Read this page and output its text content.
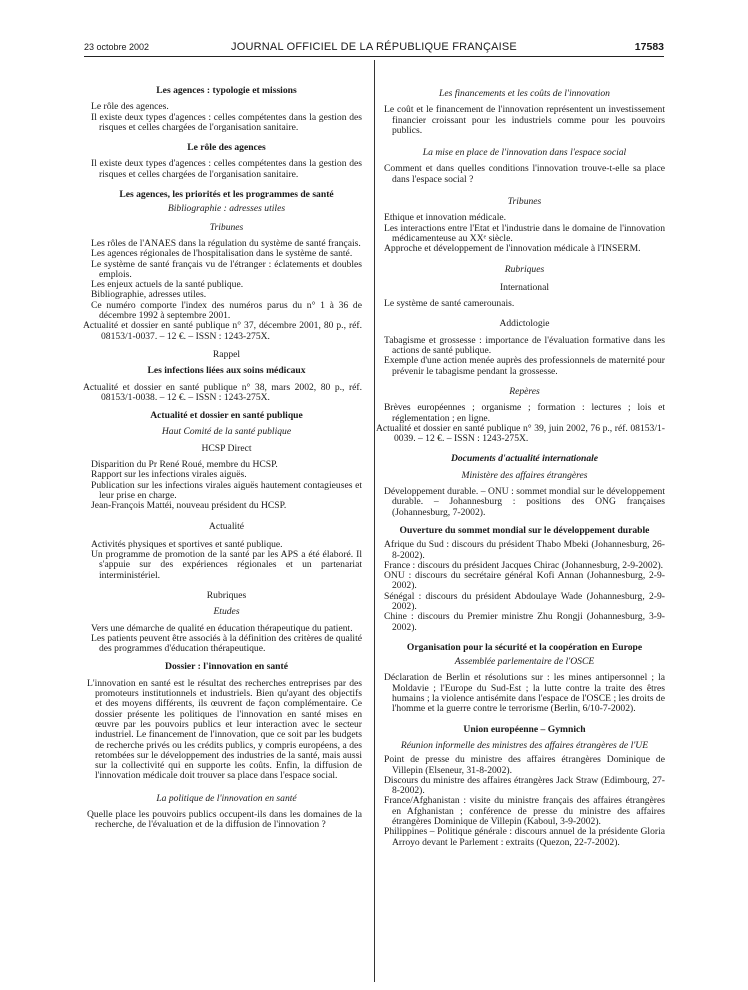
23 octobre 2002	JOURNAL OFFICIEL DE LA RÉPUBLIQUE FRANÇAISE	17583

Les agences : typologie et missions

Le rôle des agences.

Il existe deux types d'agences : celles compétentes dans la gestion des risques et celles chargées de l'organisation sanitaire.

Le rôle des agences

Il existe deux types d'agences : celles compétentes dans la gestion des risques et celles chargées de l'organisation sanitaire.

Les agences, les priorités et les programmes de santé

Bibliographie : adresses utiles

Tribunes

Les rôles de l'ANAES dans la régulation du système de santé français.

Les agences régionales de l'hospitalisation dans le système de santé.

Le système de santé français vu de l'étranger : éclatements et doubles emplois.

Les enjeux actuels de la santé publique.

Bibliographie, adresses utiles.

Ce numéro comporte l'index des numéros parus du n° 1 à 36 de décembre 1992 à septembre 2001.

Actualité et dossier en santé publique n° 37, décembre 2001, 80 p., réf. 08153/1-0037. – 12 €. – ISSN : 1243-275X.

Rappel

Les infections liées aux soins médicaux

Actualité et dossier en santé publique n° 38, mars 2002, 80 p., réf. 08153/1-0038. – 12 €. – ISSN : 1243-275X.

Actualité et dossier en santé publique

Haut Comité de la santé publique

HCSP Direct

Disparition du Pr René Roué, membre du HCSP.

Rapport sur les infections virales aiguës.

Publication sur les infections virales aiguës hautement contagieuses et leur prise en charge.

Jean-François Mattéi, nouveau président du HCSP.

Actualité

Activités physiques et sportives et santé publique.

Un programme de promotion de la santé par les APS a été élaboré. Il s'appuie sur des expériences régionales et un partenariat interministériel.

Rubriques

Etudes

Vers une démarche de qualité en éducation thérapeutique du patient.

Les patients peuvent être associés à la définition des critères de qualité des programmes d'éducation thérapeutique.

Dossier : l'innovation en santé

L'innovation en santé est le résultat des recherches entreprises par des promoteurs institutionnels et industriels. Bien qu'ayant des objectifs et des moyens différents, ils œuvrent de façon complémentaire. Ce dossier présente les politiques de l'innovation en santé mises en œuvre par les pouvoirs publics et leur interaction avec le secteur industriel. Le financement de l'innovation, que ce soit par les budgets de recherche privés ou les crédits publics, y compris européens, a des retombées sur le développement des industries de la santé, mais aussi sur la collectivité qui en supporte les coûts. Enfin, la diffusion de l'innovation médicale doit trouver sa place dans l'espace social.

La politique de l'innovation en santé

Quelle place les pouvoirs publics occupent-ils dans les domaines de la recherche, de l'évaluation et de la diffusion de l'innovation ?

Les financements et les coûts de l'innovation

Le coût et le financement de l'innovation représentent un investissement financier croissant pour les industriels comme pour les pouvoirs publics.

La mise en place de l'innovation dans l'espace social

Comment et dans quelles conditions l'innovation trouve-t-elle sa place dans l'espace social ?

Tribunes

Ethique et innovation médicale.

Les interactions entre l'Etat et l'industrie dans le domaine de l'innovation médicamenteuse au XXᵉ siècle.

Approche et développement de l'innovation médicale à l'INSERM.

Rubriques

International

Le système de santé camerounais.

Addictologie

Tabagisme et grossesse : importance de l'évaluation formative dans les actions de santé publique.

Exemple d'une action menée auprès des professionnels de maternité pour prévenir le tabagisme pendant la grossesse.

Repères

Brèves européennes ; organisme ; formation : lectures ; lois et réglementation ; en ligne.

Actualité et dossier en santé publique n° 39, juin 2002, 76 p., réf. 08153/1-0039. – 12 €. – ISSN : 1243-275X.

Documents d'actualité internationale

Ministère des affaires étrangères

Développement durable. – ONU : sommet mondial sur le développement durable. – Johannesburg : positions des ONG françaises (Johannesburg, 7-2002).

Ouverture du sommet mondial sur le développement durable

Afrique du Sud : discours du président Thabo Mbeki (Johannesburg, 26-8-2002).

France : discours du président Jacques Chirac (Johannesburg, 2-9-2002).

ONU : discours du secrétaire général Kofi Annan (Johannesburg, 2-9-2002).

Sénégal : discours du président Abdoulaye Wade (Johannesburg, 2-9-2002).

Chine : discours du Premier ministre Zhu Rongji (Johannesburg, 3-9-2002).

Organisation pour la sécurité et la coopération en Europe

Assemblée parlementaire de l'OSCE

Déclaration de Berlin et résolutions sur : les mines antipersonnel ; la Moldavie ; l'Europe du Sud-Est ; la lutte contre la traite des êtres humains ; la violence antisémite dans l'espace de l'OSCE ; les droits de l'homme et la guerre contre le terrorisme (Berlin, 6/10-7-2002).

Union européenne – Gymnich

Réunion informelle des ministres des affaires étrangères de l'UE

Point de presse du ministre des affaires étrangères Dominique de Villepin (Elseneur, 31-8-2002).

Discours du ministre des affaires étrangères Jack Straw (Edimbourg, 27-8-2002).

France/Afghanistan : visite du ministre français des affaires étrangères en Afghanistan ; conférence de presse du ministre des affaires étrangères Dominique de Villepin (Kaboul, 3-9-2002).

Philippines – Politique générale : discours annuel de la présidente Gloria Arroyo devant le Parlement : extraits (Quezon, 22-7-2002).
